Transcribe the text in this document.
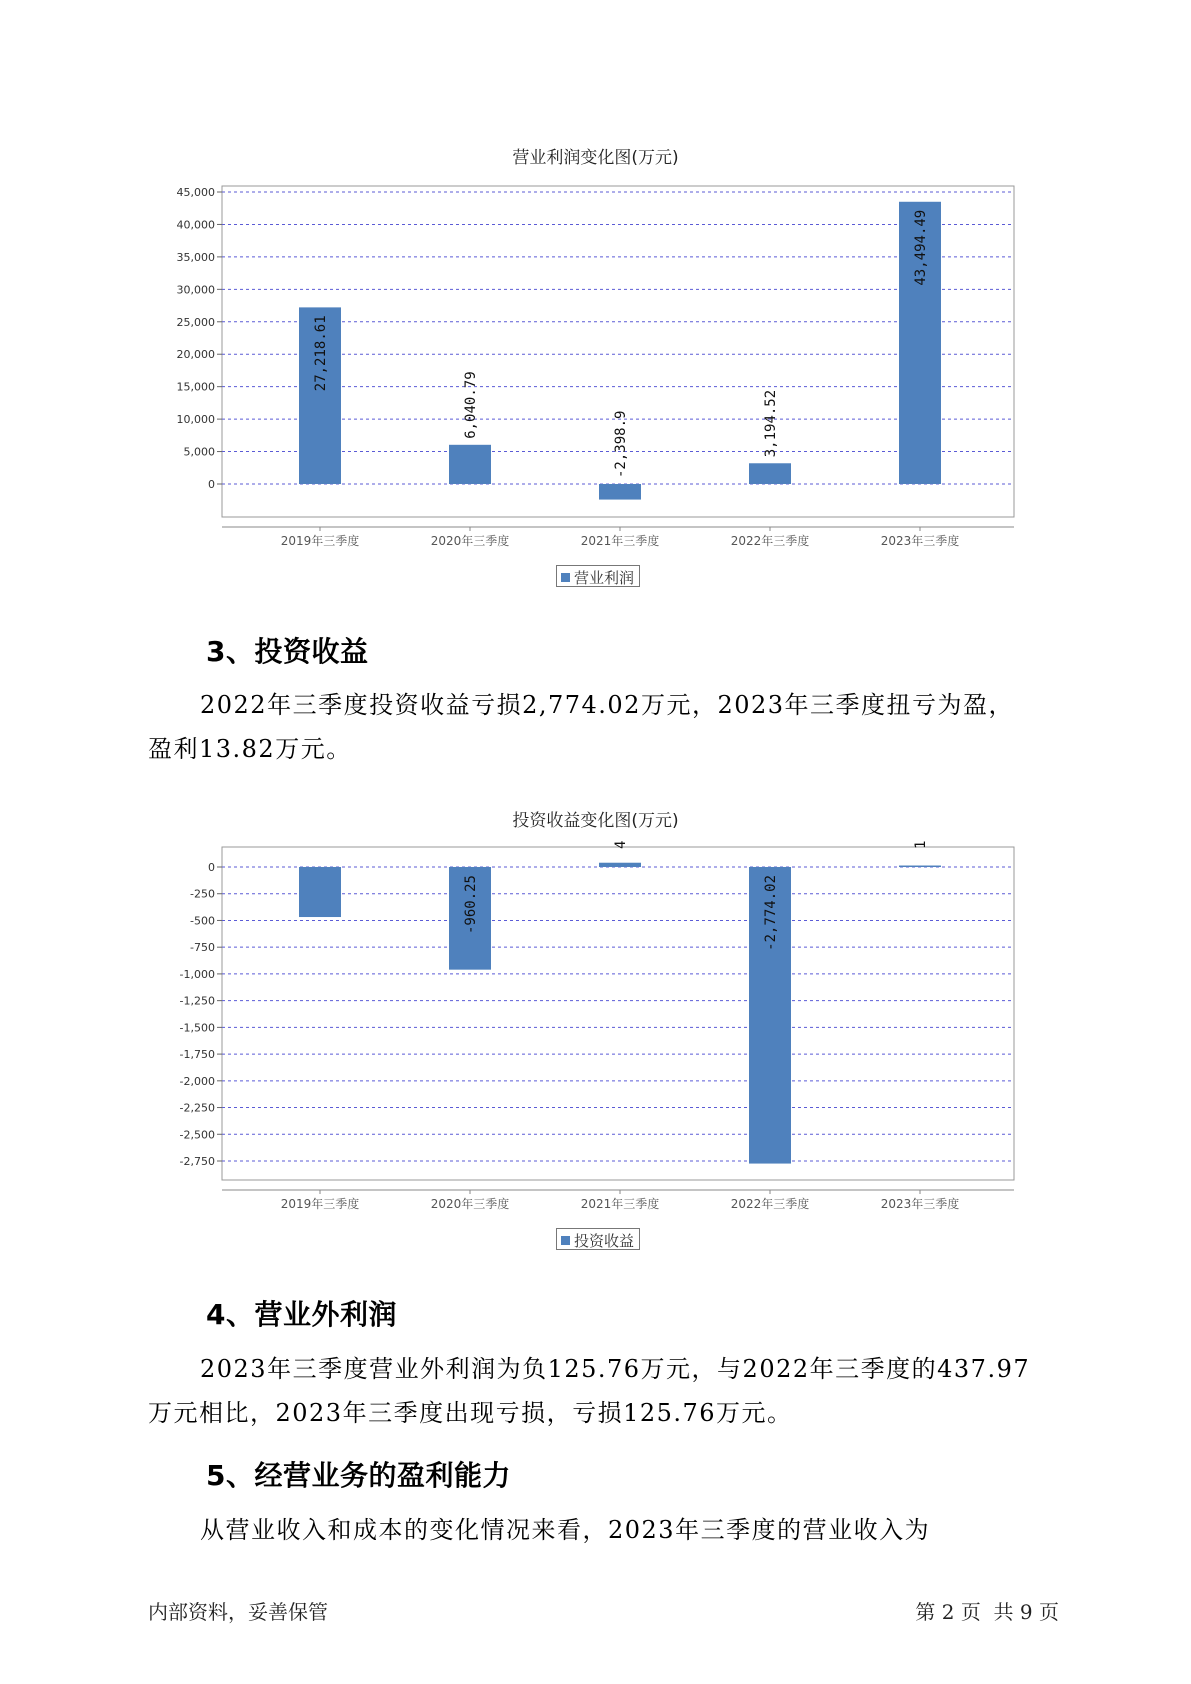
营业利润变化图(万元)
0
5,000
10,000
15,000
20,000
25,000
30,000
35,000
40,000
45,000
2019年三季度
27,218.61
2020年三季度
6,040.79
2021年三季度
-2,398.9
2022年三季度
3,194.52
2023年三季度
43,494.49
营业利润
3、投资收益
2022年三季度投资收益亏损2,774.02万元，2023年三季度扭亏为盈，
盈利13.82万元。
投资收益变化图(万元)
0
-250
-500
-750
-1,000
-1,250
-1,500
-1,750
-2,000
-2,250
-2,500
-2,750
2019年三季度	2020年三季度
-960.25
2021年三季度
4
2022年三季度
-2,774.02
2023年三季度
1
投资收益
4、营业外利润
2023年三季度营业外利润为负125.76万元，与2022年三季度的437.97
万元相比，2023年三季度出现亏损，亏损125.76万元。
5、经营业务的盈利能力
从营业收入和成本的变化情况来看，2023年三季度的营业收入为
内部资料，妥善保管	第 2 页  共 9 页
